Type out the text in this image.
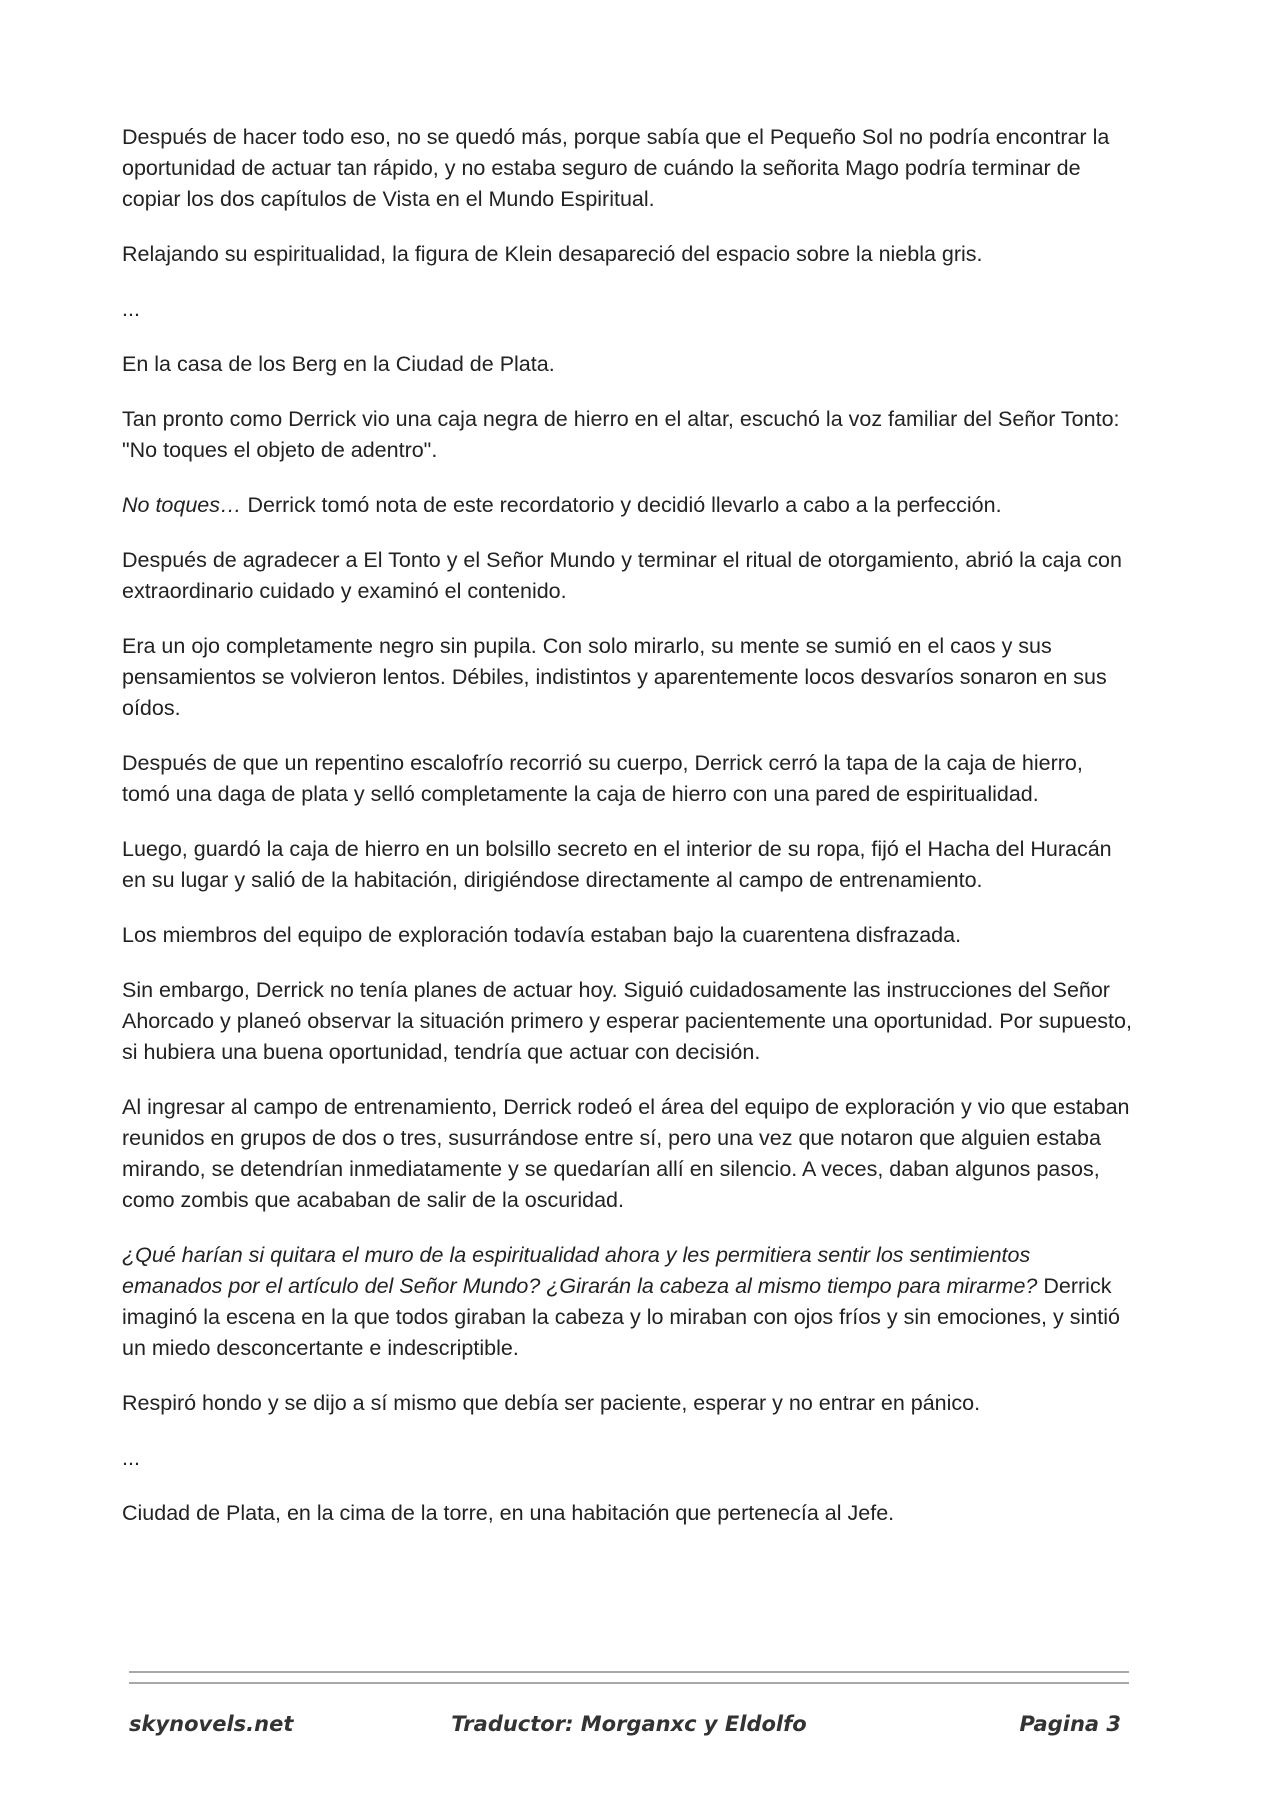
Después de hacer todo eso, no se quedó más, porque sabía que el Pequeño Sol no podría encontrar la oportunidad de actuar tan rápido, y no estaba seguro de cuándo la señorita Mago podría terminar de copiar los dos capítulos de Vista en el Mundo Espiritual.

Relajando su espiritualidad, la figura de Klein desapareció del espacio sobre la niebla gris.

...

En la casa de los Berg en la Ciudad de Plata.

Tan pronto como Derrick vio una caja negra de hierro en el altar, escuchó la voz familiar del Señor Tonto: "No toques el objeto de adentro".

No toques… Derrick tomó nota de este recordatorio y decidió llevarlo a cabo a la perfección.

Después de agradecer a El Tonto y el Señor Mundo y terminar el ritual de otorgamiento, abrió la caja con extraordinario cuidado y examinó el contenido.

Era un ojo completamente negro sin pupila. Con solo mirarlo, su mente se sumió en el caos y sus pensamientos se volvieron lentos. Débiles, indistintos y aparentemente locos desvaríos sonaron en sus oídos.

Después de que un repentino escalofrío recorrió su cuerpo, Derrick cerró la tapa de la caja de hierro, tomó una daga de plata y selló completamente la caja de hierro con una pared de espiritualidad.

Luego, guardó la caja de hierro en un bolsillo secreto en el interior de su ropa, fijó el Hacha del Huracán en su lugar y salió de la habitación, dirigiéndose directamente al campo de entrenamiento.

Los miembros del equipo de exploración todavía estaban bajo la cuarentena disfrazada.

Sin embargo, Derrick no tenía planes de actuar hoy. Siguió cuidadosamente las instrucciones del Señor Ahorcado y planeó observar la situación primero y esperar pacientemente una oportunidad. Por supuesto, si hubiera una buena oportunidad, tendría que actuar con decisión.

Al ingresar al campo de entrenamiento, Derrick rodeó el área del equipo de exploración y vio que estaban reunidos en grupos de dos o tres, susurrándose entre sí, pero una vez que notaron que alguien estaba mirando, se detendrían inmediatamente y se quedarían allí en silencio. A veces, daban algunos pasos, como zombis que acababan de salir de la oscuridad.

¿Qué harían si quitara el muro de la espiritualidad ahora y les permitiera sentir los sentimientos emanados por el artículo del Señor Mundo? ¿Girarán la cabeza al mismo tiempo para mirarme? Derrick imaginó la escena en la que todos giraban la cabeza y lo miraban con ojos fríos y sin emociones, y sintió un miedo desconcertante e indescriptible.

Respiró hondo y se dijo a sí mismo que debía ser paciente, esperar y no entrar en pánico.

...

Ciudad de Plata, en la cima de la torre, en una habitación que pertenecía al Jefe.

skynovels.net	Traductor: Morganxc y Eldolfo	Pagina 3
